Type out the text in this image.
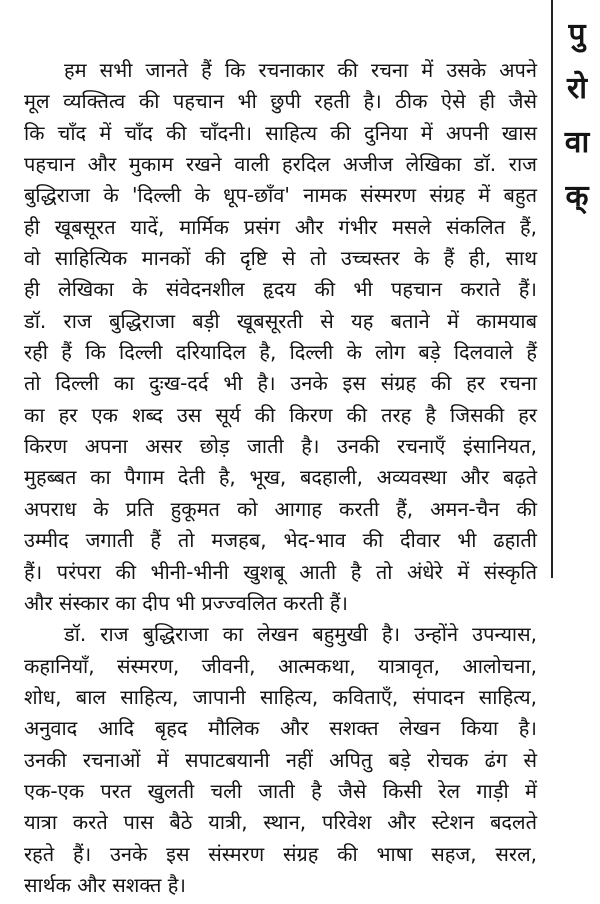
पु
रो
वा
क्
हम सभी जानते हैं कि रचनाकार की रचना में उसके अपने
मूल व्यक्तित्व की पहचान भी छुपी रहती है। ठीक ऐसे ही जैसे
कि चाँद में चाँद की चाँदनी। साहित्य की दुनिया में अपनी खास
पहचान और मुकाम रखने वाली हरदिल अजीज लेखिका डॉ. राज
बुद्धिराजा के 'दिल्ली के धूप-छाँव' नामक संस्मरण संग्रह में बहुत
ही खूबसूरत यादें, मार्मिक प्रसंग और गंभीर मसले संकलित हैं,
वो साहित्यिक मानकों की दृष्टि से तो उच्चस्तर के हैं ही, साथ
ही लेखिका के संवेदनशील हृदय की भी पहचान कराते हैं।
डॉ. राज बुद्धिराजा बड़ी खूबसूरती से यह बताने में कामयाब
रही हैं कि दिल्ली दरियादिल है, दिल्ली के लोग बड़े दिलवाले हैं
तो दिल्ली का दुःख-दर्द भी है। उनके इस संग्रह की हर रचना
का हर एक शब्द उस सूर्य की किरण की तरह है जिसकी हर
किरण अपना असर छोड़ जाती है। उनकी रचनाएँ इंसानियत,
मुहब्बत का पैगाम देती है, भूख, बदहाली, अव्यवस्था और बढ़ते
अपराध के प्रति हुकूमत को आगाह करती हैं, अमन-चैन की
उम्मीद जगाती हैं तो मजहब, भेद-भाव की दीवार भी ढहाती
हैं। परंपरा की भीनी-भीनी खुशबू आती है तो अंधेरे में संस्कृति
और संस्कार का दीप भी प्रज्ज्वलित करती हैं।
डॉ. राज बुद्धिराजा का लेखन बहुमुखी है। उन्होंने उपन्यास,
कहानियाँ, संस्मरण, जीवनी, आत्मकथा, यात्रावृत, आलोचना,
शोध, बाल साहित्य, जापानी साहित्य, कविताएँ, संपादन साहित्य,
अनुवाद आदि बृहद मौलिक और सशक्त लेखन किया है।
उनकी रचनाओं में सपाटबयानी नहीं अपितु बड़े रोचक ढंग से
एक-एक परत खुलती चली जाती है जैसे किसी रेल गाड़ी में
यात्रा करते पास बैठे यात्री, स्थान, परिवेश और स्टेशन बदलते
रहते हैं। उनके इस संस्मरण संग्रह की भाषा सहज, सरल,
सार्थक और सशक्त है।
